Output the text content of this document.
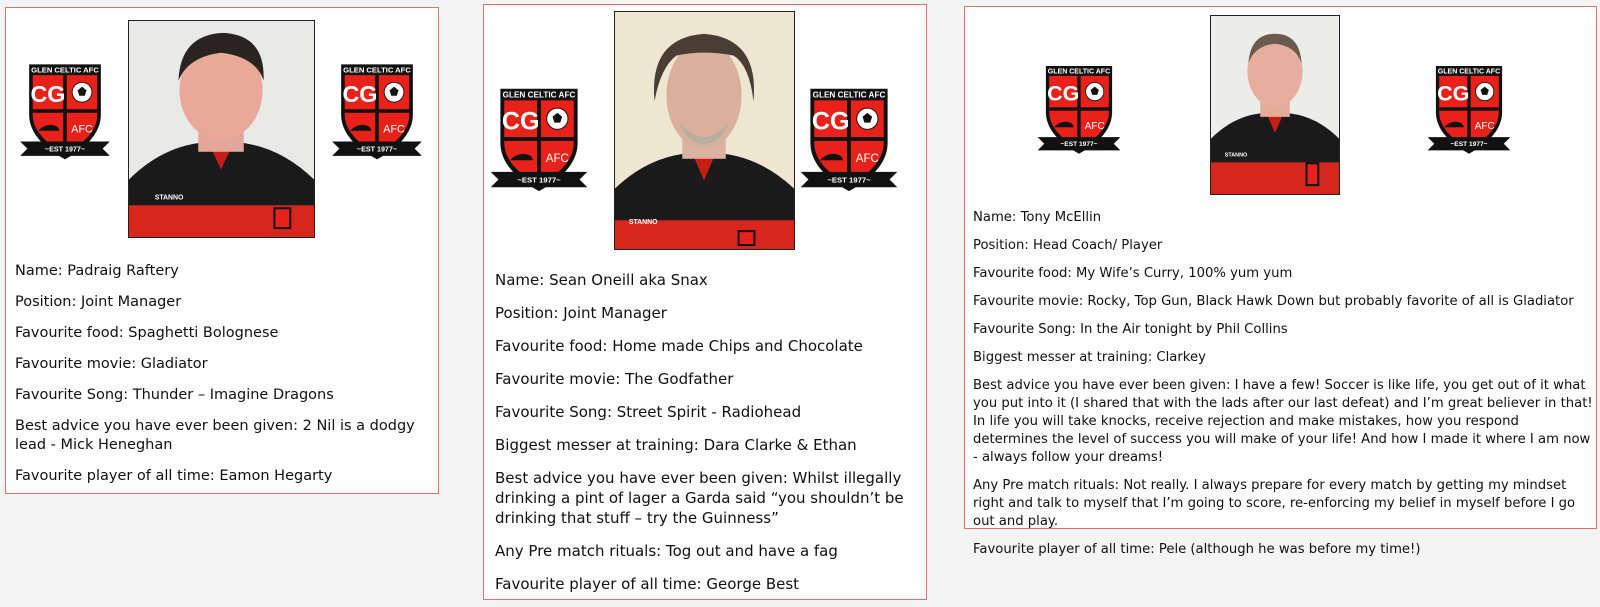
GLEN CELTIC AFC
CG
AFC
~EST 1977~
STANNO
GLEN CELTIC AFC
CG
AFC
~EST 1977~

Name: Padraig Raftery

Position: Joint Manager

Favourite food: Spaghetti Bolognese

Favourite movie: Gladiator

Favourite Song: Thunder – Imagine Dragons

Best advice you have ever been given: 2 Nil is a dodgy lead - Mick Heneghan

Favourite player of all time: Eamon Hegarty

GLEN CELTIC AFC
CG
AFC
~EST 1977~
STANNO
GLEN CELTIC AFC
CG
AFC
~EST 1977~

Name: Sean Oneill aka Snax

Position: Joint Manager

Favourite food: Home made Chips and Chocolate

Favourite movie: The Godfather

Favourite Song: Street Spirit - Radiohead

Biggest messer at training: Dara Clarke & Ethan

Best advice you have ever been given: Whilst illegally drinking a pint of lager a Garda said “you shouldn’t be drinking that stuff – try the Guinness”

Any Pre match rituals: Tog out and have a fag

Favourite player of all time: George Best

GLEN CELTIC AFC
CG
AFC
~EST 1977~
STANNO
GLEN CELTIC AFC
CG
AFC
~EST 1977~

Name: Tony McEllin

Position: Head Coach/ Player

Favourite food: My Wife’s Curry, 100% yum yum

Favourite movie: Rocky, Top Gun, Black Hawk Down but probably favorite of all is Gladiator

Favourite Song: In the Air tonight by Phil Collins

Biggest messer at training: Clarkey

Best advice you have ever been given: I have a few! Soccer is like life, you get out of it what you put into it (I shared that with the lads after our last defeat) and I’m great believer in that! In life you will take knocks, receive rejection and make mistakes, how you respond determines the level of success you will make of your life! And how I made it where I am now - always follow your dreams!

Any Pre match rituals: Not really. I always prepare for every match by getting my mindset right and talk to myself that I’m going to score, re-enforcing my belief in myself before I go out and play.

Favourite player of all time: Pele (although he was before my time!)
